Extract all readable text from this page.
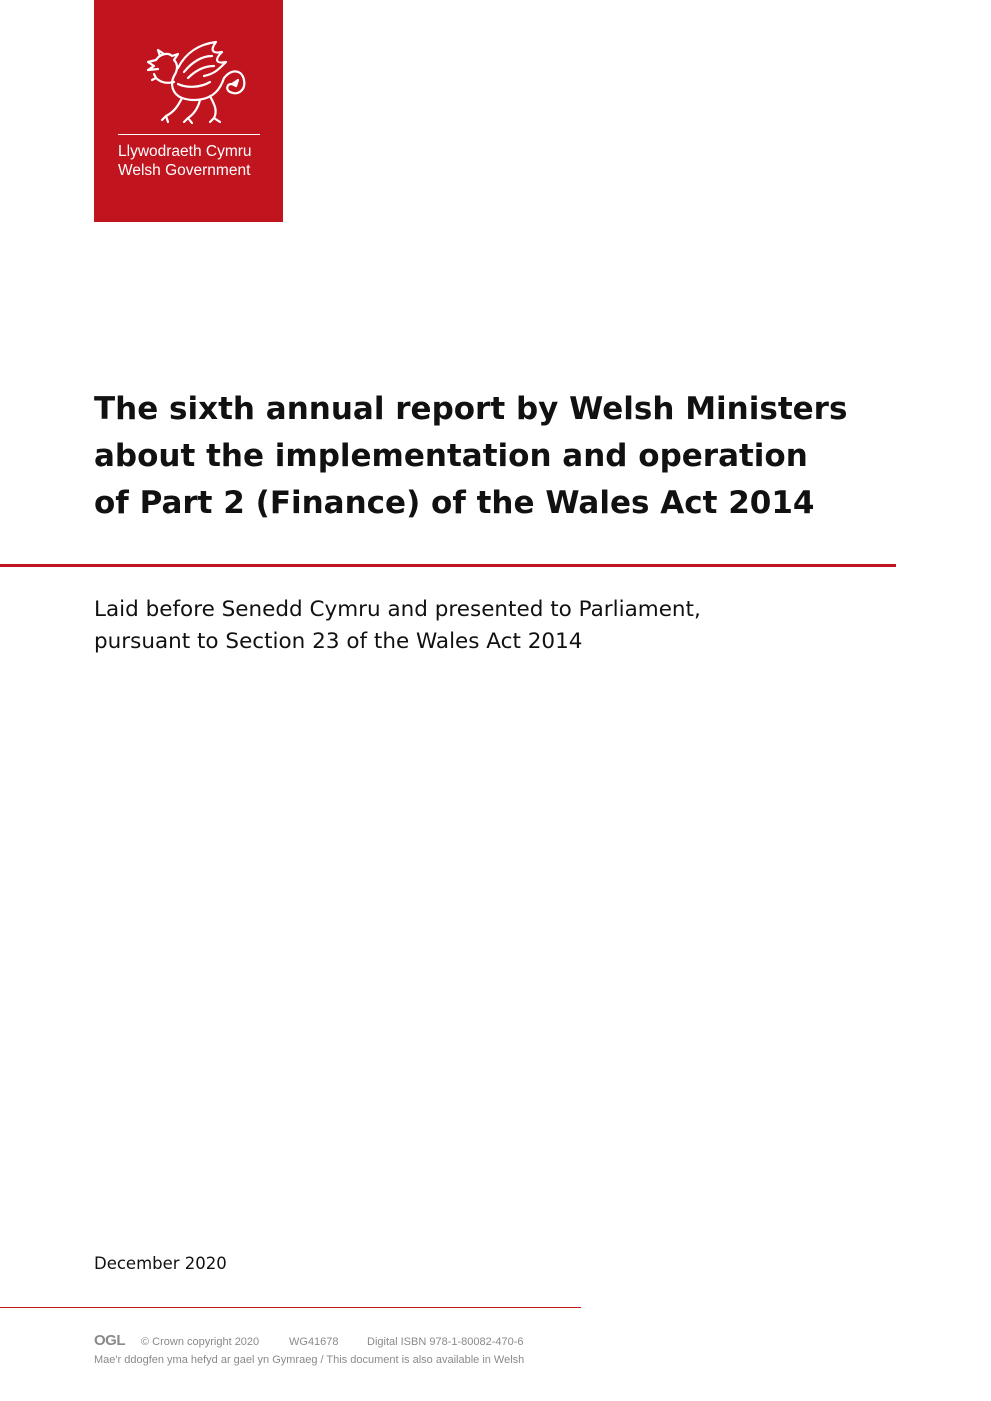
Llywodraeth Cymru
Welsh Government
The sixth annual report by Welsh Ministers
about the implementation and operation
of Part 2 (Finance) of the Wales Act 2014
Laid before Senedd Cymru and presented to Parliament,
pursuant to Section 23 of the Wales Act 2014
December 2020
OGL © Crown copyright 2020	WG41678	Digital ISBN 978-1-80082-470-6
Mae'r ddogfen yma hefyd ar gael yn Gymraeg / This document is also available in Welsh
